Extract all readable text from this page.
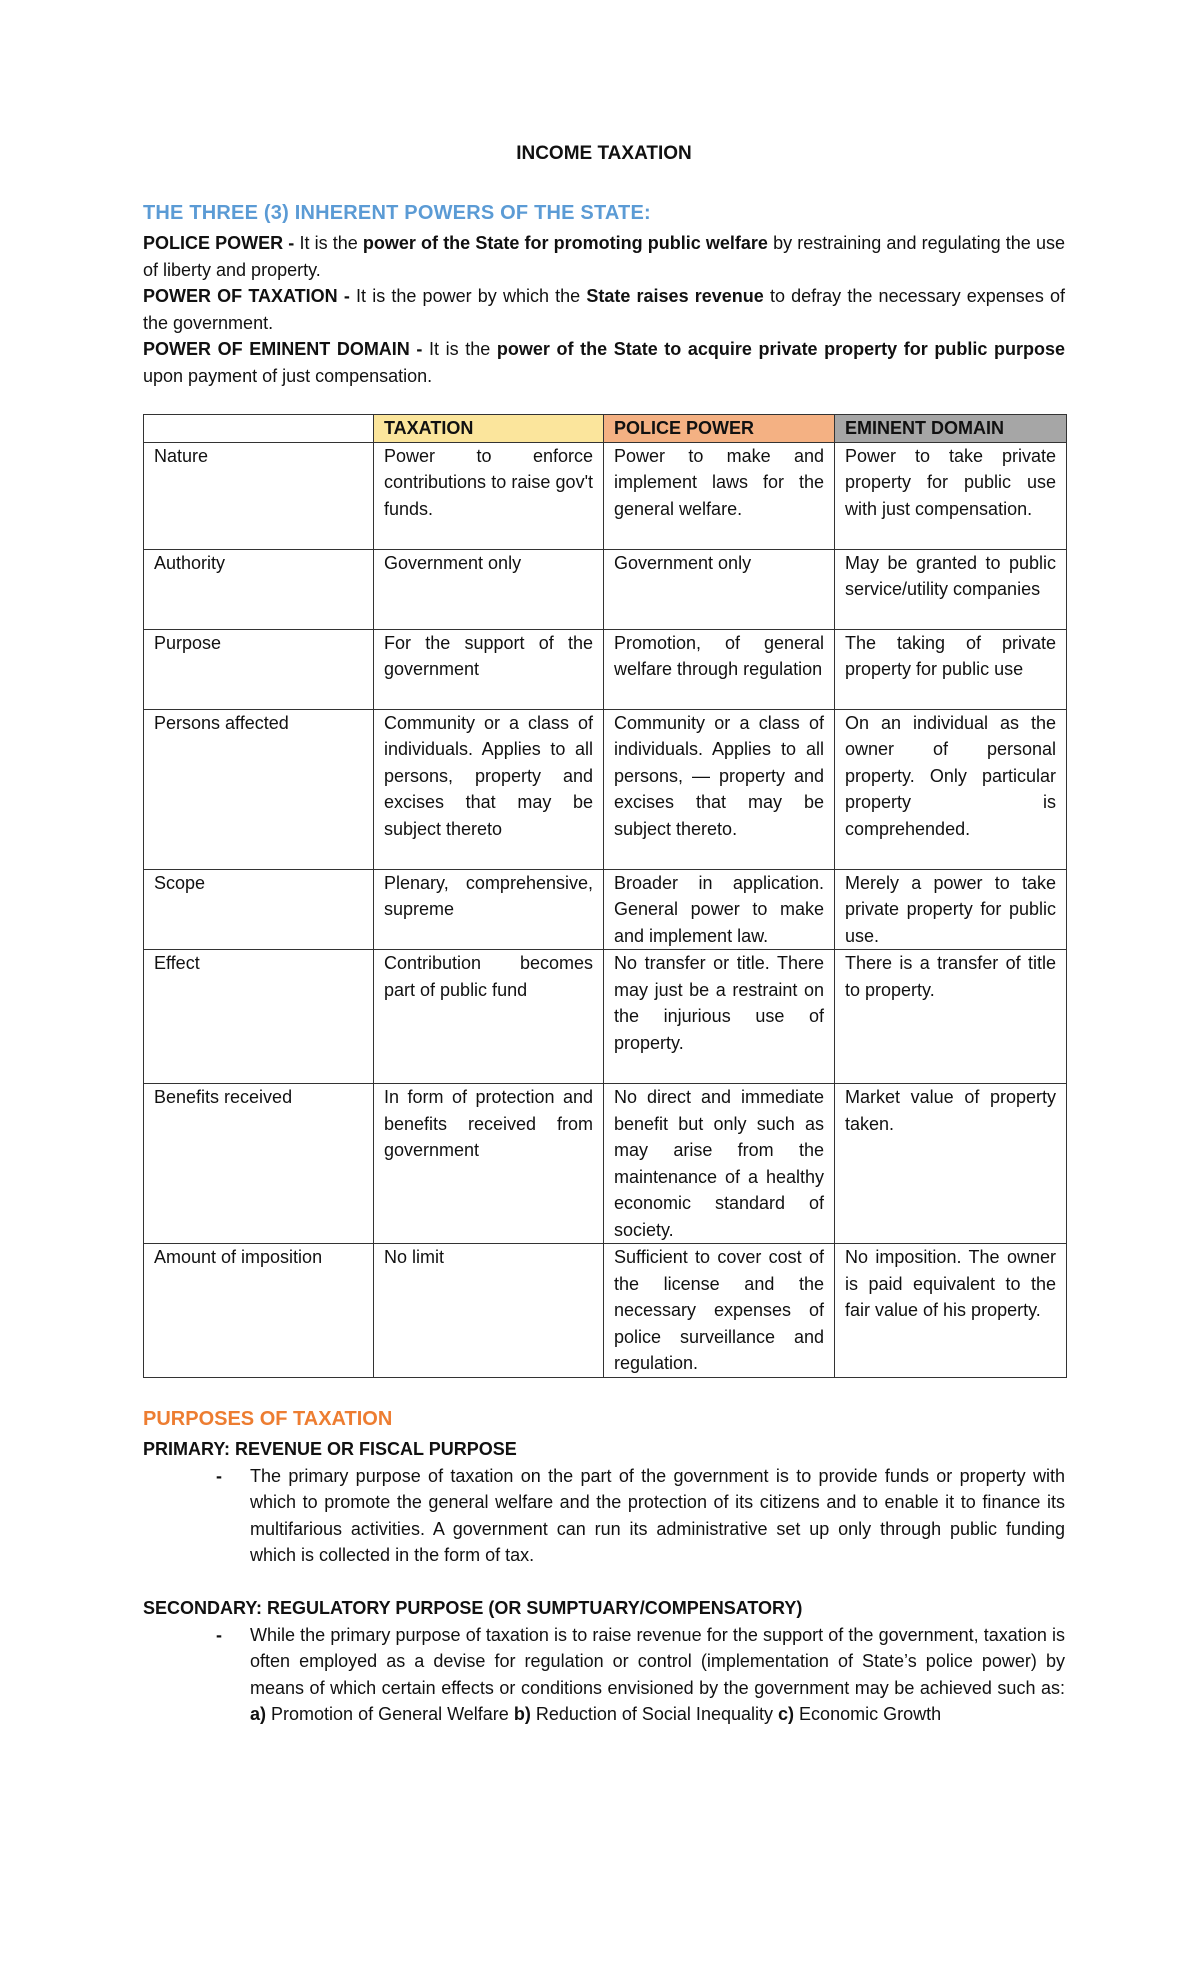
INCOME TAXATION
THE THREE (3) INHERENT POWERS OF THE STATE:

POLICE POWER - It is the power of the State for promoting public welfare by restraining and regulating the use of liberty and property.

POWER OF TAXATION - It is the power by which the State raises revenue to defray the necessary expenses of the government.

POWER OF EMINENT DOMAIN - It is the power of the State to acquire private property for public purpose upon payment of just compensation.

	TAXATION	POLICE POWER	EMINENT DOMAIN
Nature	Power to enforce contributions to raise gov't funds.	Power to make and implement laws for the general welfare.	Power to take private property for public use with just compensation.
Authority	Government only	Government only	May be granted to public service/utility companies
Purpose	For the support of the government	Promotion, of general welfare through regulation	The taking of private property for public use
Persons affected	Community or a class of individuals. Applies to all persons, property and excises that may be subject thereto	Community or a class of individuals. Applies to all persons, — property and excises that may be subject thereto.	On an individual as the owner of personal property. Only particular property is comprehended.
Scope	Plenary, comprehensive, supreme	Broader in application. General power to make and implement law.	Merely a power to take private property for public use.
Effect	Contribution becomes part of public fund	No transfer or title. There may just be a restraint on the injurious use of property.	There is a transfer of title to property.
Benefits received	In form of protection and benefits received from government	No direct and immediate benefit but only such as may arise from the maintenance of a healthy economic standard of society.	Market value of property taken.
Amount of imposition	No limit	Sufficient to cover cost of the license and the necessary expenses of police surveillance and regulation.	No imposition. The owner is paid equivalent to the fair value of his property.
PURPOSES OF TAXATION
PRIMARY: REVENUE OR FISCAL PURPOSE
- The primary purpose of taxation on the part of the government is to provide funds or property with which to promote the general welfare and the protection of its citizens and to enable it to finance its multifarious activities. A government can run its administrative set up only through public funding which is collected in the form of tax.
SECONDARY: REGULATORY PURPOSE (OR SUMPTUARY/COMPENSATORY)
- While the primary purpose of taxation is to raise revenue for the support of the government, taxation is often employed as a devise for regulation or control (implementation of State’s police power) by means of which certain effects or conditions envisioned by the government may be achieved such as: a) Promotion of General Welfare b) Reduction of Social Inequality c) Economic Growth
